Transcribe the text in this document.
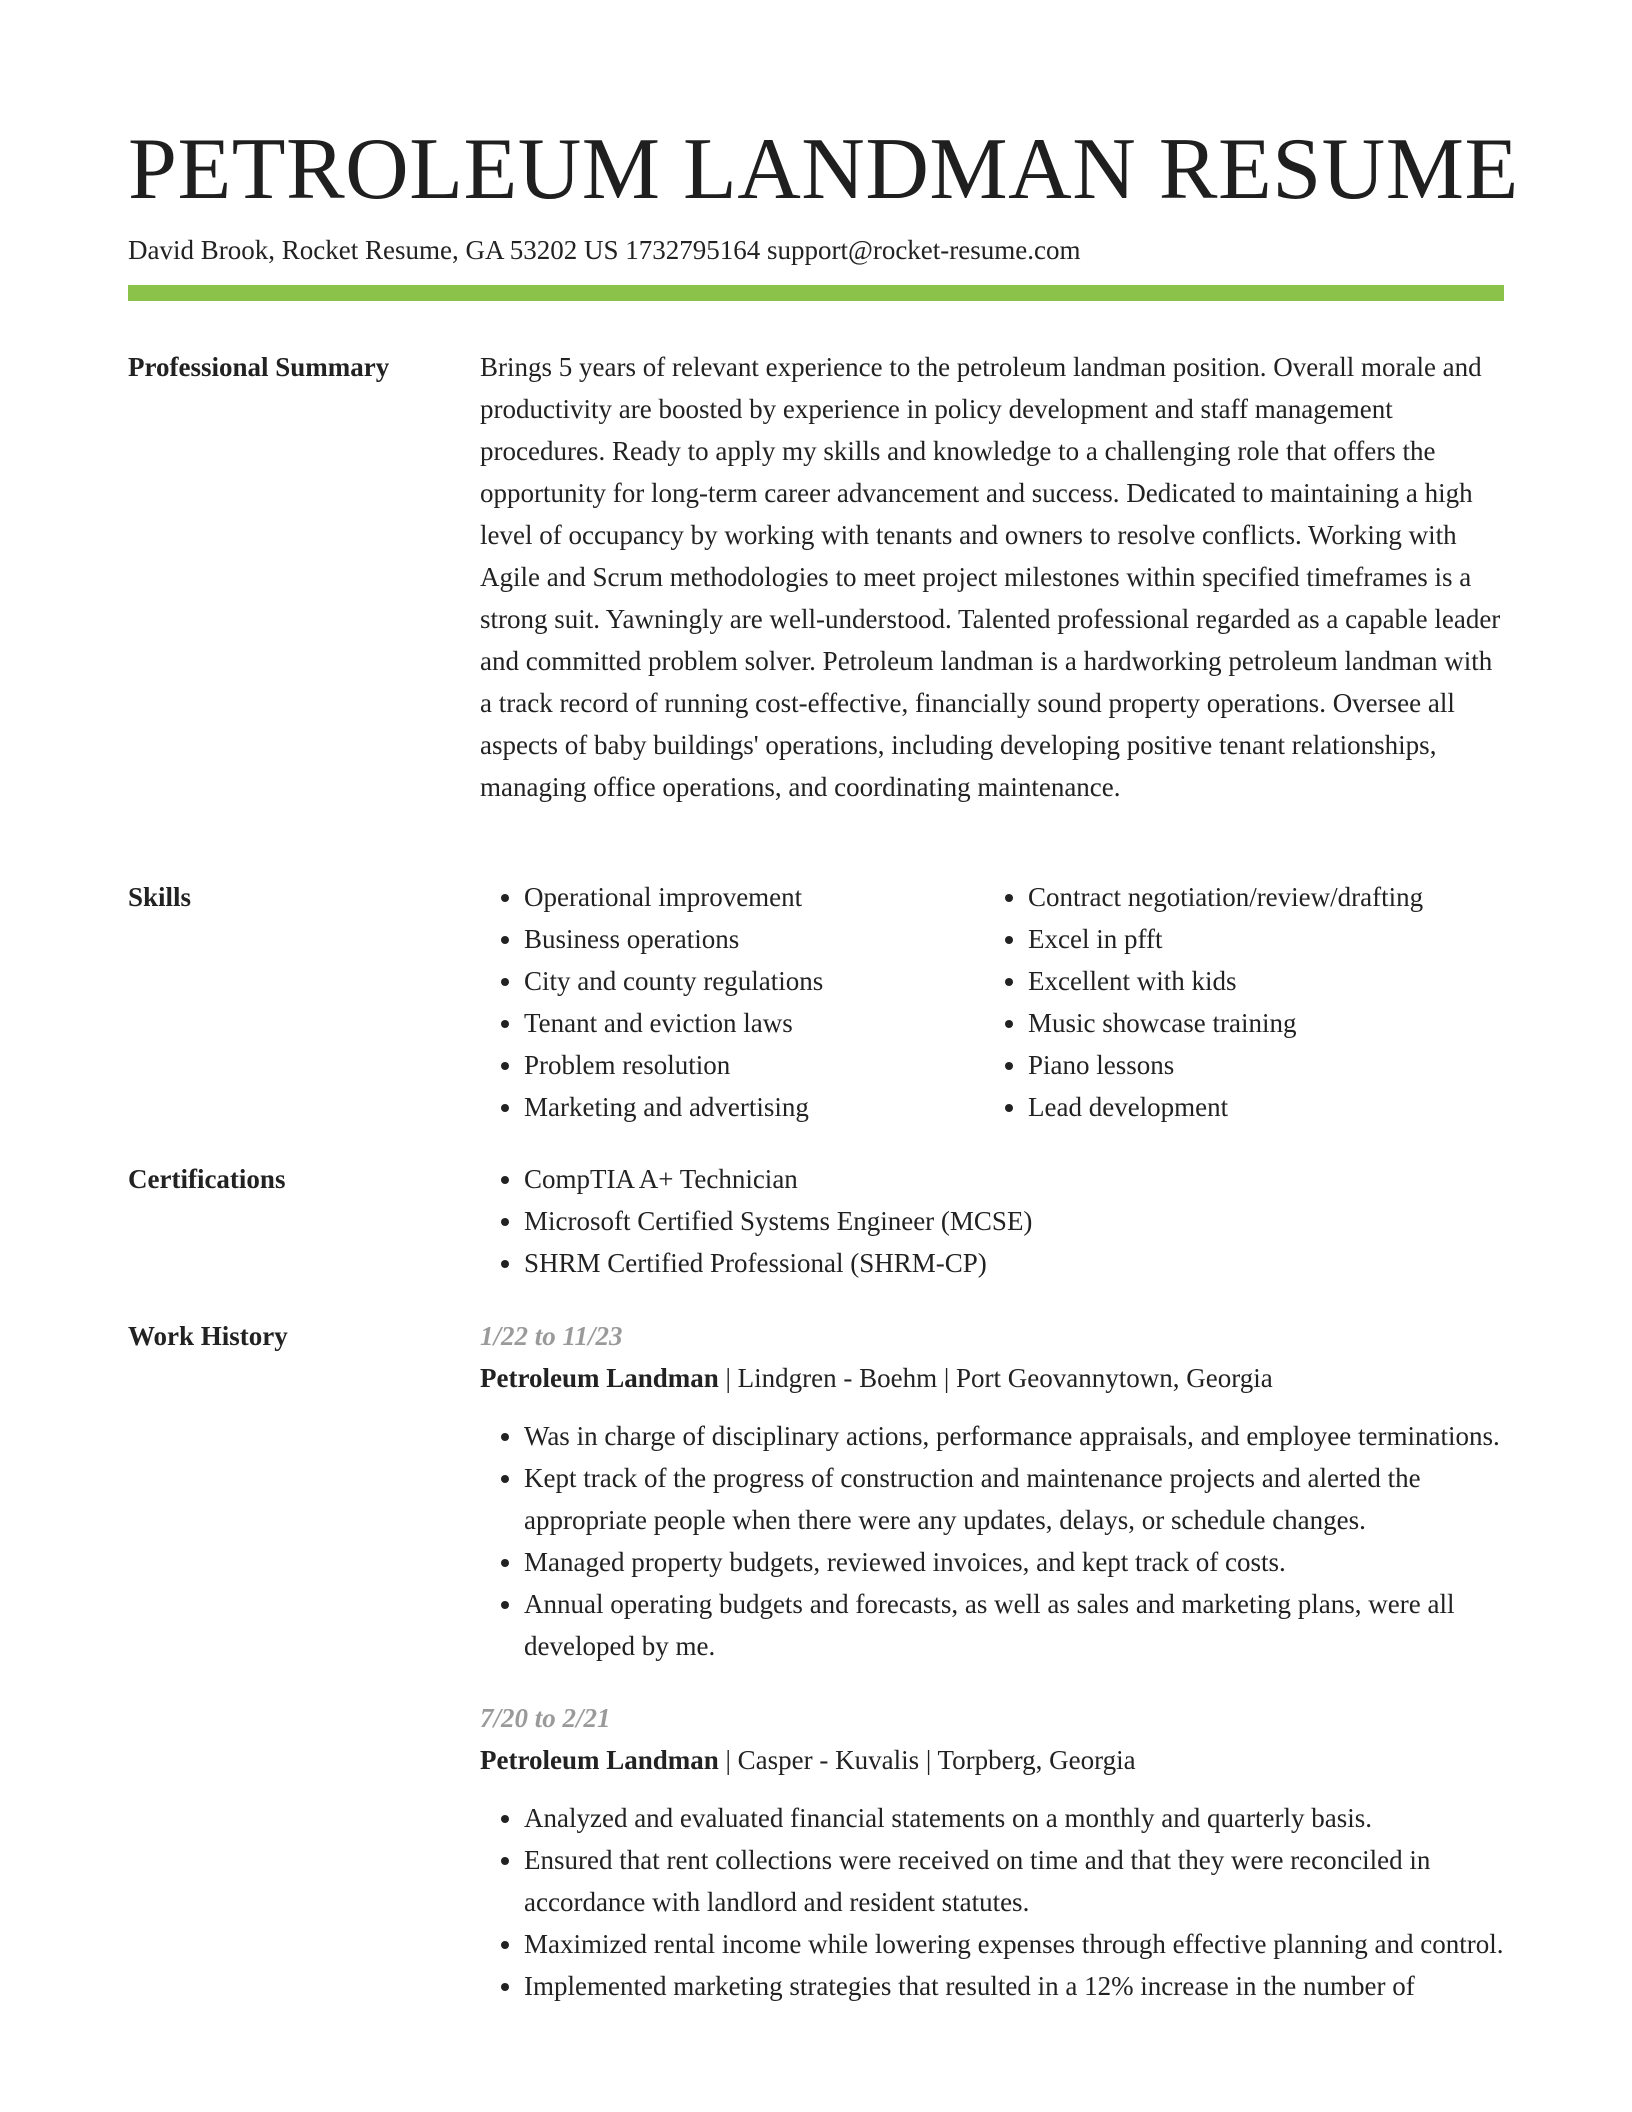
PETROLEUM LANDMAN RESUME
David Brook, Rocket Resume, GA 53202 US 1732795164 support@rocket-resume.com
Professional Summary	Brings 5 years of relevant experience to the petroleum landman position. Overall morale and productivity are boosted by experience in policy development and staff management procedures. Ready to apply my skills and knowledge to a challenging role that offers the opportunity for long-term career advancement and success. Dedicated to maintaining a high level of occupancy by working with tenants and owners to resolve conflicts. Working with Agile and Scrum methodologies to meet project milestones within specified timeframes is a strong suit. Yawningly are well-understood. Talented professional regarded as a capable leader and committed problem solver. Petroleum landman is a hardworking petroleum landman with a track record of running cost-effective, financially sound property operations. Oversee all aspects of baby buildings' operations, including developing positive tenant relationships, managing office operations, and coordinating maintenance.

Skills	• Operational improvement
• Business operations
• City and county regulations
• Tenant and eviction laws
• Problem resolution
• Marketing and advertising
• Contract negotiation/review/drafting
• Excel in pfft
• Excellent with kids
• Music showcase training
• Piano lessons
• Lead development
Certifications	• CompTIA A+ Technician
• Microsoft Certified Systems Engineer (MCSE)
• SHRM Certified Professional (SHRM-CP)
Work History	1/22 to 11/23
Petroleum Landman | Lindgren - Boehm | Port Geovannytown, Georgia
• Was in charge of disciplinary actions, performance appraisals, and employee terminations.
• Kept track of the progress of construction and maintenance projects and alerted the appropriate people when there were any updates, delays, or schedule changes.
• Managed property budgets, reviewed invoices, and kept track of costs.
• Annual operating budgets and forecasts, as well as sales and marketing plans, were all developed by me.
7/20 to 2/21
Petroleum Landman | Casper - Kuvalis | Torpberg, Georgia
• Analyzed and evaluated financial statements on a monthly and quarterly basis.
• Ensured that rent collections were received on time and that they were reconciled in accordance with landlord and resident statutes.
• Maximized rental income while lowering expenses through effective planning and control.
• Implemented marketing strategies that resulted in a 12% increase in the number of
